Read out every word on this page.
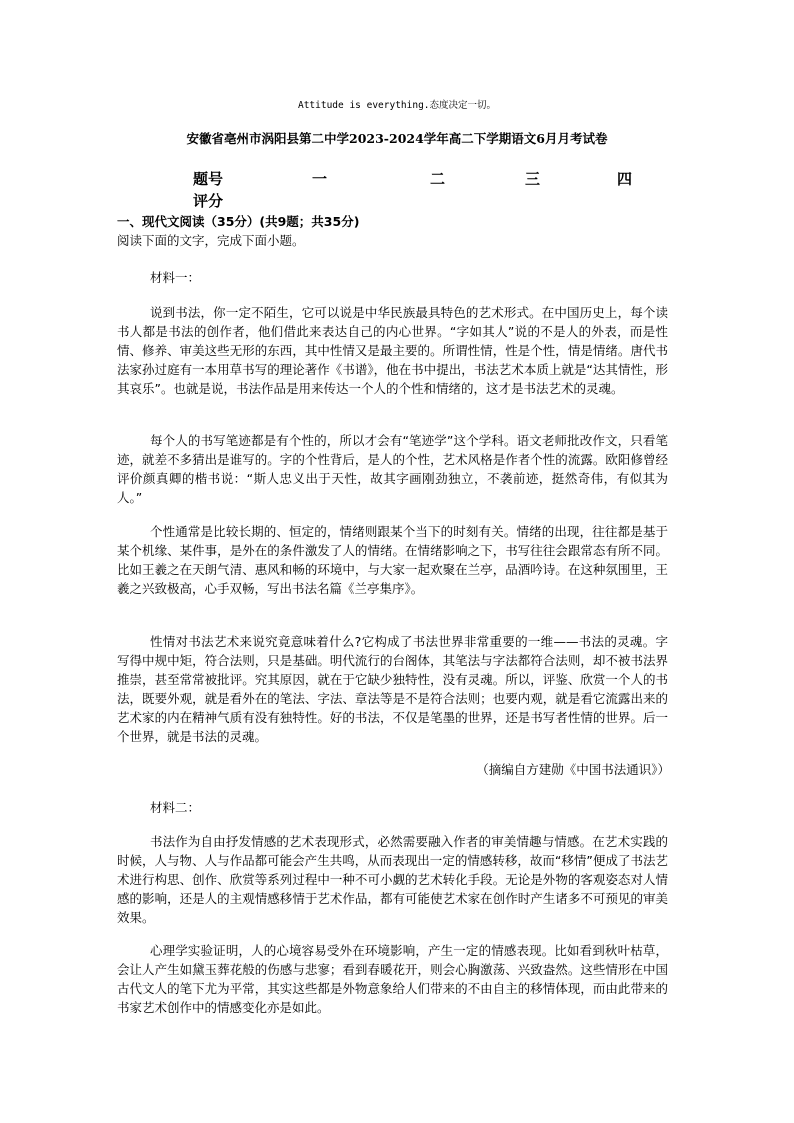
Attitude is everything.态度决定一切。
安徽省亳州市涡阳县第二中学2023-2024学年高二下学期语文6月月考试卷
题号	一	二	三	四
评分
一、现代文阅读（35分）(共9题；共35分)
阅读下面的文字，完成下面小题。
材料一：

说到书法，你一定不陌生，它可以说是中华民族最具特色的艺术形式。在中国历史上，每个读书人都是书法的创作者，他们借此来表达自己的内心世界。“字如其人”说的不是人的外表，而是性情、修养、审美这些无形的东西，其中性情又是最主要的。所谓性情，性是个性，情是情绪。唐代书法家孙过庭有一本用草书写的理论著作《书谱》，他在书中提出，书法艺术本质上就是“达其情性，形其哀乐”。也就是说，书法作品是用来传达一个人的个性和情绪的，这才是书法艺术的灵魂。

每个人的书写笔迹都是有个性的，所以才会有“笔迹学”这个学科。语文老师批改作文，只看笔迹，就差不多猜出是谁写的。字的个性背后，是人的个性，艺术风格是作者个性的流露。欧阳修曾经评价颜真卿的楷书说：“斯人忠义出于天性，故其字画刚劲独立，不袭前迹，挺然奇伟，有似其为人。”

个性通常是比较长期的、恒定的，情绪则跟某个当下的时刻有关。情绪的出现，往往都是基于某个机缘、某件事，是外在的条件激发了人的情绪。在情绪影响之下，书写往往会跟常态有所不同。比如王羲之在天朗气清、惠风和畅的环境中，与大家一起欢聚在兰亭，品酒吟诗。在这种氛围里，王羲之兴致极高，心手双畅，写出书法名篇《兰亭集序》。

性情对书法艺术来说究竟意味着什么?它构成了书法世界非常重要的一维——书法的灵魂。字写得中规中矩，符合法则，只是基础。明代流行的台阁体，其笔法与字法都符合法则，却不被书法界推崇，甚至常常被批评。究其原因，就在于它缺少独特性，没有灵魂。所以，评鉴、欣赏一个人的书法，既要外观，就是看外在的笔法、字法、章法等是不是符合法则；也要内观，就是看它流露出来的艺术家的内在精神气质有没有独特性。好的书法，不仅是笔墨的世界，还是书写者性情的世界。后一个世界，就是书法的灵魂。

（摘编自方建勋《中国书法通识》）
材料二：

书法作为自由抒发情感的艺术表现形式，必然需要融入作者的审美情趣与情感。在艺术实践的时候，人与物、人与作品都可能会产生共鸣，从而表现出一定的情感转移，故而“移情”便成了书法艺术进行构思、创作、欣赏等系列过程中一种不可小觑的艺术转化手段。无论是外物的客观姿态对人情感的影响，还是人的主观情感移情于艺术作品，都有可能使艺术家在创作时产生诸多不可预见的审美效果。

心理学实验证明，人的心境容易受外在环境影响，产生一定的情感表现。比如看到秋叶枯草，会让人产生如黛玉葬花般的伤感与悲寥；看到春暖花开，则会心胸激荡、兴致盎然。这些情形在中国古代文人的笔下尤为平常，其实这些都是外物意象给人们带来的不由自主的移情体现，而由此带来的书家艺术创作中的情感变化亦是如此。
